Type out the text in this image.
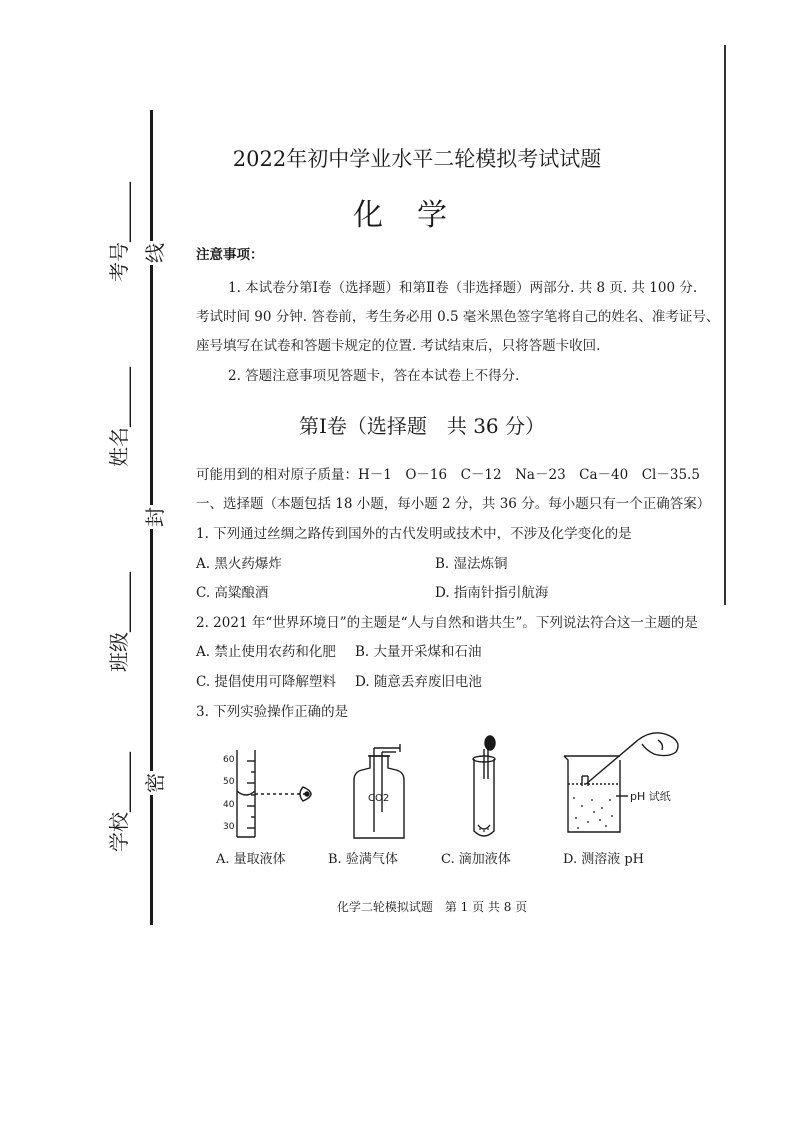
考号______
姓名______
班级______
学校______
线
封
密
2022年初中学业水平二轮模拟考试试题
化学
注意事项：
1. 本试卷分第Ⅰ卷（选择题）和第Ⅱ卷（非选择题）两部分. 共 8 页. 共 100 分.
考试时间 90 分钟. 答卷前，考生务必用 0.5 毫米黑色签字笔将自己的姓名、准考证号、
座号填写在试卷和答题卡规定的位置. 考试结束后，只将答题卡收回.
2. 答题注意事项见答题卡，答在本试卷上不得分.
第Ⅰ卷（选择题　共 36 分）
可能用到的相对原子质量：H－1　O－16　C－12　Na－23　Ca－40　Cl－35.5
一、选择题（本题包括 18 小题，每小题 2 分，共 36 分。每小题只有一个正确答案）
1. 下列通过丝绸之路传到国外的古代发明或技术中，不涉及化学变化的是
A. 黑火药爆炸	B. 湿法炼铜
C. 高粱酿酒	D. 指南针指引航海
2. 2021 年“世界环境日”的主题是“人与自然和谐共生”。下列说法符合这一主题的是
A. 禁止使用农药和化肥 B. 大量开采煤和石油
C. 提倡使用可降解塑料 D. 随意丢弃废旧电池
3. 下列实验操作正确的是
60
50
40
30
CO2	pH 试纸
A. 量取液体	B. 验满气体	C. 滴加液体	D. 测溶液 pH
化学二轮模拟试题　第 1 页 共 8 页
